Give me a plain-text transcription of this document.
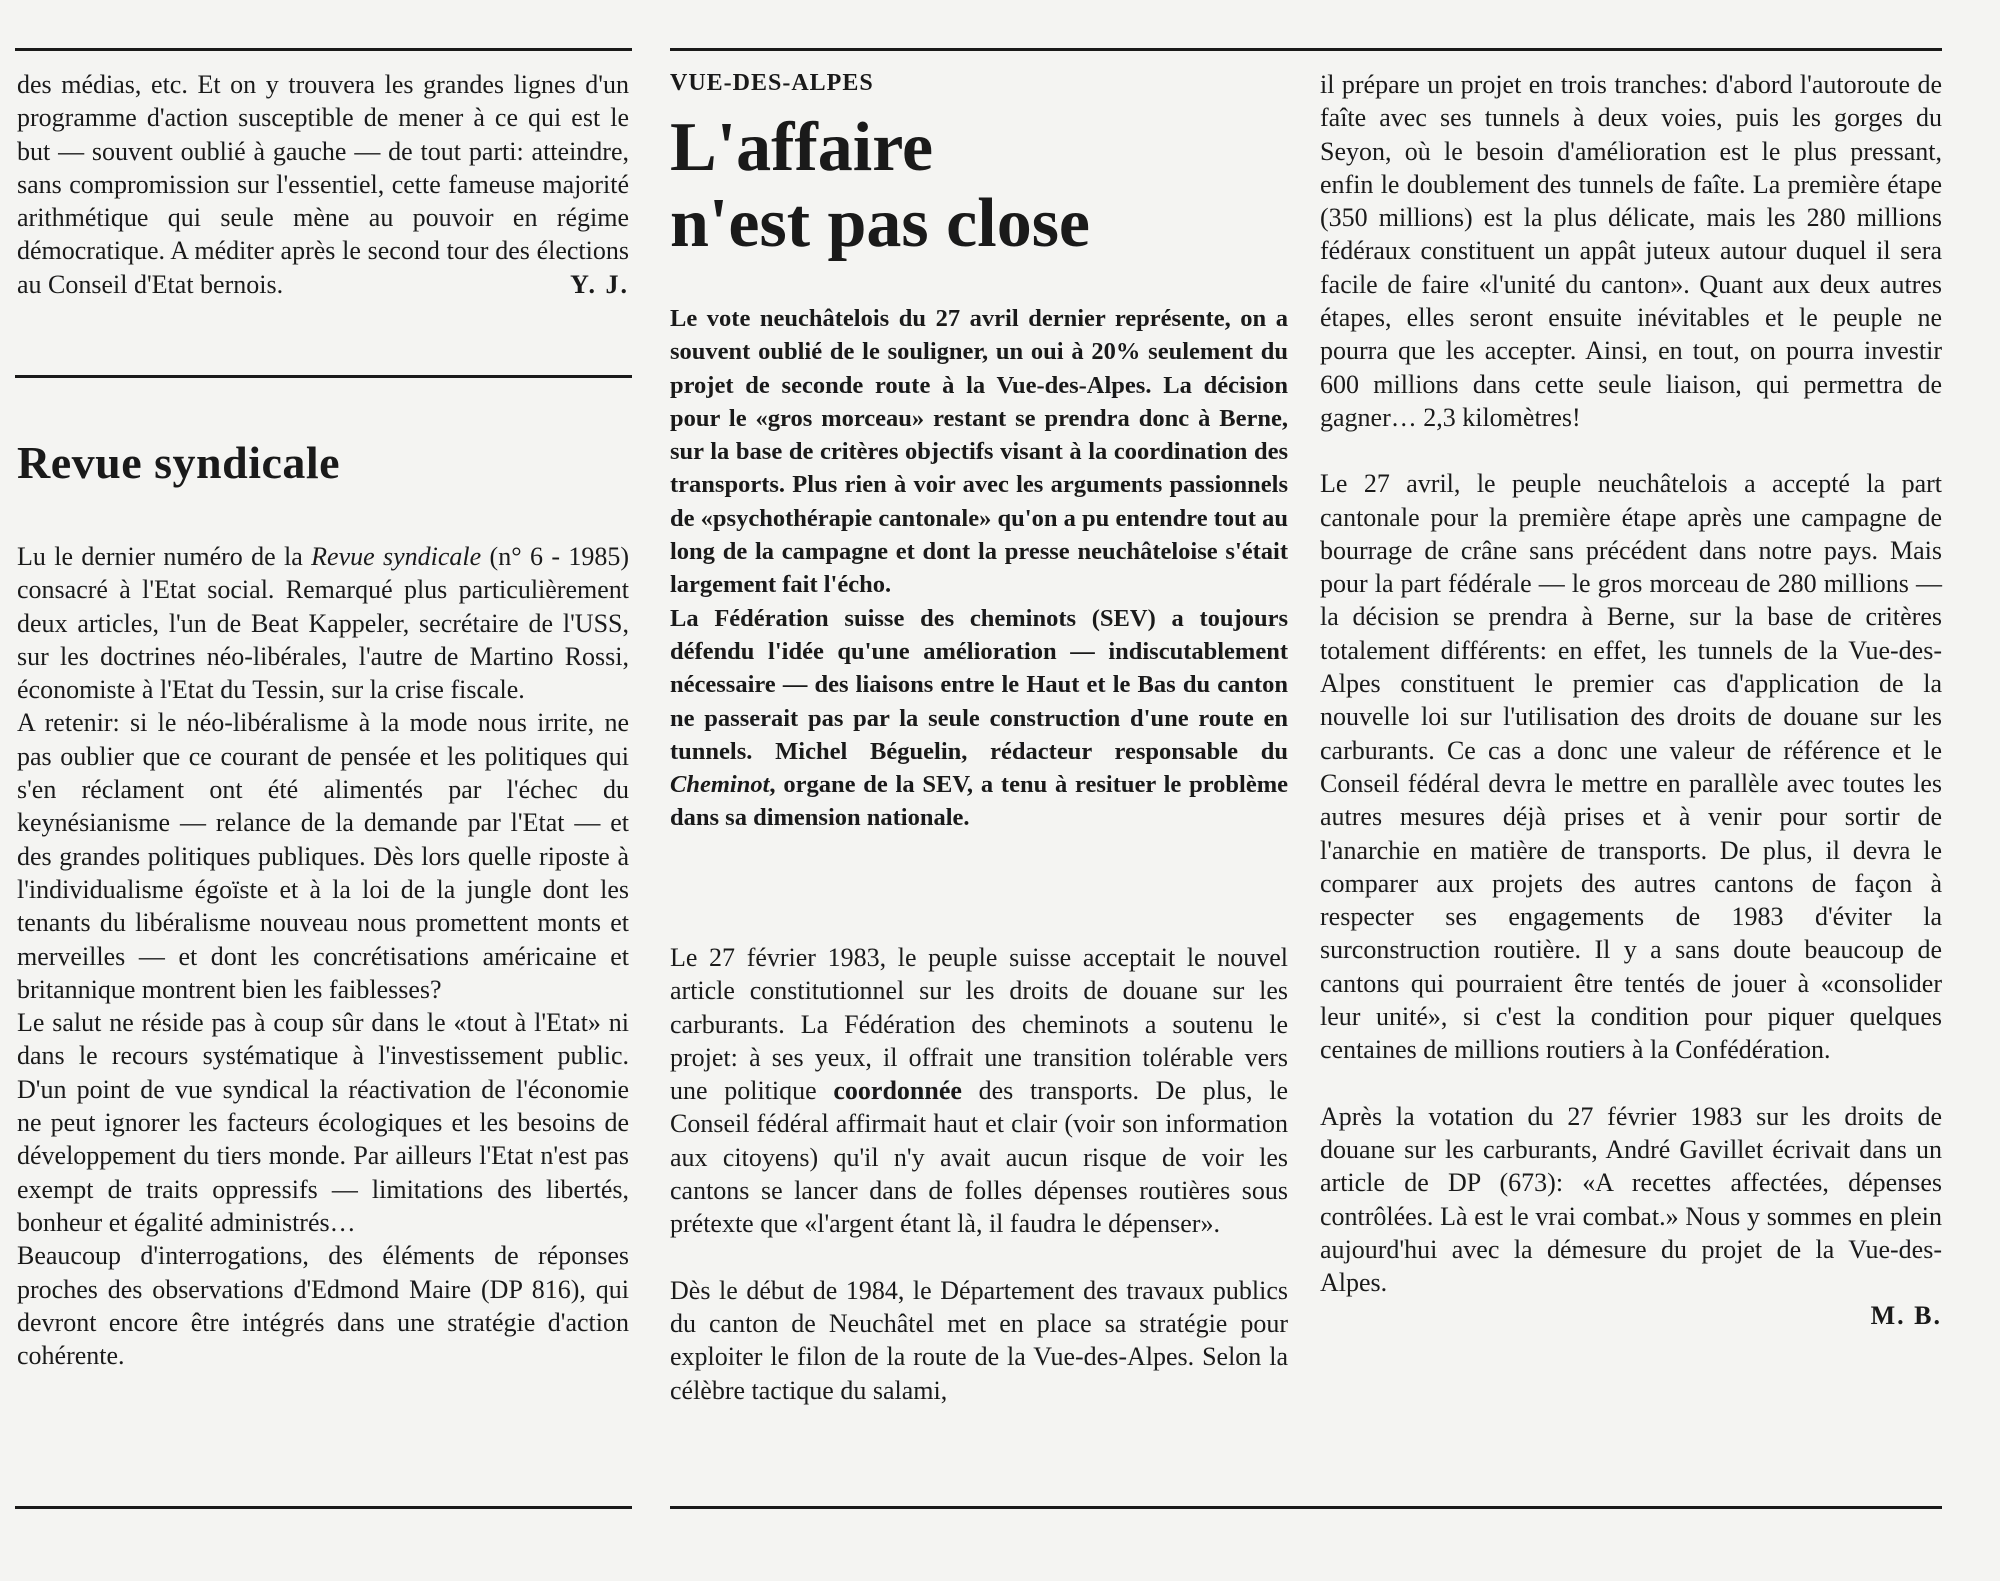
des médias, etc. Et on y trouvera les grandes lignes d'un programme d'action susceptible de mener à ce qui est le but — souvent oublié à gauche — de tout parti: atteindre, sans compromission sur l'essentiel, cette fameuse majorité arithmétique qui seule mène au pouvoir en régime démocratique. A méditer après le second tour des élections au Conseil d'Etat bernois.	Y. J.

Revue syndicale

Lu le dernier numéro de la Revue syndicale (n° 6 - 1985) consacré à l'Etat social. Remarqué plus particulièrement deux articles, l'un de Beat Kappeler, secrétaire de l'USS, sur les doctrines néo-libérales, l'autre de Martino Rossi, économiste à l'Etat du Tessin, sur la crise fiscale.

A retenir: si le néo-libéralisme à la mode nous irrite, ne pas oublier que ce courant de pensée et les politiques qui s'en réclament ont été alimentés par l'échec du keynésianisme — relance de la demande par l'Etat — et des grandes politiques publiques. Dès lors quelle riposte à l'individualisme égoïste et à la loi de la jungle dont les tenants du libéralisme nouveau nous promettent monts et merveilles — et dont les concrétisations américaine et britannique montrent bien les faiblesses?

Le salut ne réside pas à coup sûr dans le «tout à l'Etat» ni dans le recours systématique à l'investissement public. D'un point de vue syndical la réactivation de l'économie ne peut ignorer les facteurs écologiques et les besoins de développement du tiers monde. Par ailleurs l'Etat n'est pas exempt de traits oppressifs — limitations des libertés, bonheur et égalité administrés…

Beaucoup d'interrogations, des éléments de réponses proches des observations d'Edmond Maire (DP 816), qui devront encore être intégrés dans une stratégie d'action cohérente.

VUE-DES-ALPES

L'affaire
n'est pas close

Le vote neuchâtelois du 27 avril dernier représente, on a souvent oublié de le souligner, un oui à 20% seulement du projet de seconde route à la Vue-des-Alpes. La décision pour le «gros morceau» restant se prendra donc à Berne, sur la base de critères objectifs visant à la coordination des transports. Plus rien à voir avec les arguments passionnels de «psychothérapie cantonale» qu'on a pu entendre tout au long de la campagne et dont la presse neuchâteloise s'était largement fait l'écho.

La Fédération suisse des cheminots (SEV) a toujours défendu l'idée qu'une amélioration — indiscutablement nécessaire — des liaisons entre le Haut et le Bas du canton ne passerait pas par la seule construction d'une route en tunnels. Michel Béguelin, rédacteur responsable du Cheminot, organe de la SEV, a tenu à resituer le problème dans sa dimension nationale.

Le 27 février 1983, le peuple suisse acceptait le nouvel article constitutionnel sur les droits de douane sur les carburants. La Fédération des cheminots a soutenu le projet: à ses yeux, il offrait une transition tolérable vers une politique coordonnée des transports. De plus, le Conseil fédéral affirmait haut et clair (voir son information aux citoyens) qu'il n'y avait aucun risque de voir les cantons se lancer dans de folles dépenses routières sous prétexte que «l'argent étant là, il faudra le dépenser».

Dès le début de 1984, le Département des travaux publics du canton de Neuchâtel met en place sa stratégie pour exploiter le filon de la route de la Vue-des-Alpes. Selon la célèbre tactique du salami,

il prépare un projet en trois tranches: d'abord l'autoroute de faîte avec ses tunnels à deux voies, puis les gorges du Seyon, où le besoin d'amélioration est le plus pressant, enfin le doublement des tunnels de faîte. La première étape (350 millions) est la plus délicate, mais les 280 millions fédéraux constituent un appât juteux autour duquel il sera facile de faire «l'unité du canton». Quant aux deux autres étapes, elles seront ensuite inévitables et le peuple ne pourra que les accepter. Ainsi, en tout, on pourra investir 600 millions dans cette seule liaison, qui permettra de gagner… 2,3 kilomètres!

Le 27 avril, le peuple neuchâtelois a accepté la part cantonale pour la première étape après une campagne de bourrage de crâne sans précédent dans notre pays. Mais pour la part fédérale — le gros morceau de 280 millions — la décision se prendra à Berne, sur la base de critères totalement différents: en effet, les tunnels de la Vue-des-Alpes constituent le premier cas d'application de la nouvelle loi sur l'utilisation des droits de douane sur les carburants. Ce cas a donc une valeur de référence et le Conseil fédéral devra le mettre en parallèle avec toutes les autres mesures déjà prises et à venir pour sortir de l'anarchie en matière de transports. De plus, il devra le comparer aux projets des autres cantons de façon à respecter ses engagements de 1983 d'éviter la surconstruction routière. Il y a sans doute beaucoup de cantons qui pourraient être tentés de jouer à «consolider leur unité», si c'est la condition pour piquer quelques centaines de millions routiers à la Confédération.

Après la votation du 27 février 1983 sur les droits de douane sur les carburants, André Gavillet écrivait dans un article de DP (673): «A recettes affectées, dépenses contrôlées. Là est le vrai combat.» Nous y sommes en plein aujourd'hui avec la démesure du projet de la Vue-des-Alpes.

M. B.
